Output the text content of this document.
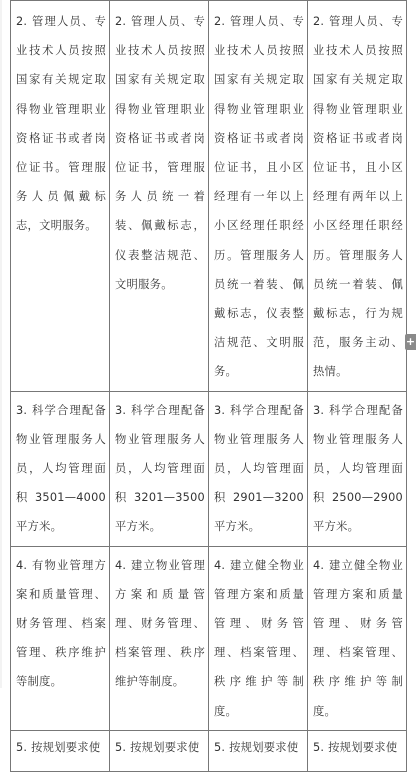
2. 管理人员、专业技术人员按照国家有关规定取得物业管理职业资格证书或者岗位证书。管理服务人员佩戴标志，文明服务。	2. 管理人员、专业技术人员按照国家有关规定取得物业管理职业资格证书或者岗位证书，管理服务人员统一着装、佩戴标志，仪表整洁规范、文明服务。	2. 管理人员、专业技术人员按照国家有关规定取得物业管理职业资格证书或者岗位证书，且小区经理有一年以上小区经理任职经历。管理服务人员统一着装、佩戴标志，仪表整洁规范、文明服务。	2. 管理人员、专业技术人员按照国家有关规定取得物业管理职业资格证书或者岗位证书，且小区经理有两年以上小区经理任职经历。管理服务人员统一着装、佩戴标志，行为规范，服务主动、热情。
3. 科学合理配备物业管理服务人员，人均管理面积3501—4000平方米。	3. 科学合理配备物业管理服务人员，人均管理面积3201—3500平方米。	3. 科学合理配备物业管理服务人员，人均管理面积2901—3200平方米。	3. 科学合理配备物业管理服务人员，人均管理面积2500—2900平方米。
4. 有物业管理方案和质量管理、财务管理、档案管理、秩序维护等制度。	4. 建立物业管理方案和质量管理、财务管理、档案管理、秩序维护等制度。	4. 建立健全物业管理方案和质量管理、财务管理、档案管理、秩序维护等制度。	4. 建立健全物业管理方案和质量管理、财务管理、档案管理、秩序维护等制度。
5. 按规划要求使	5. 按规划要求使	5. 按规划要求使	5. 按规划要求使
+
